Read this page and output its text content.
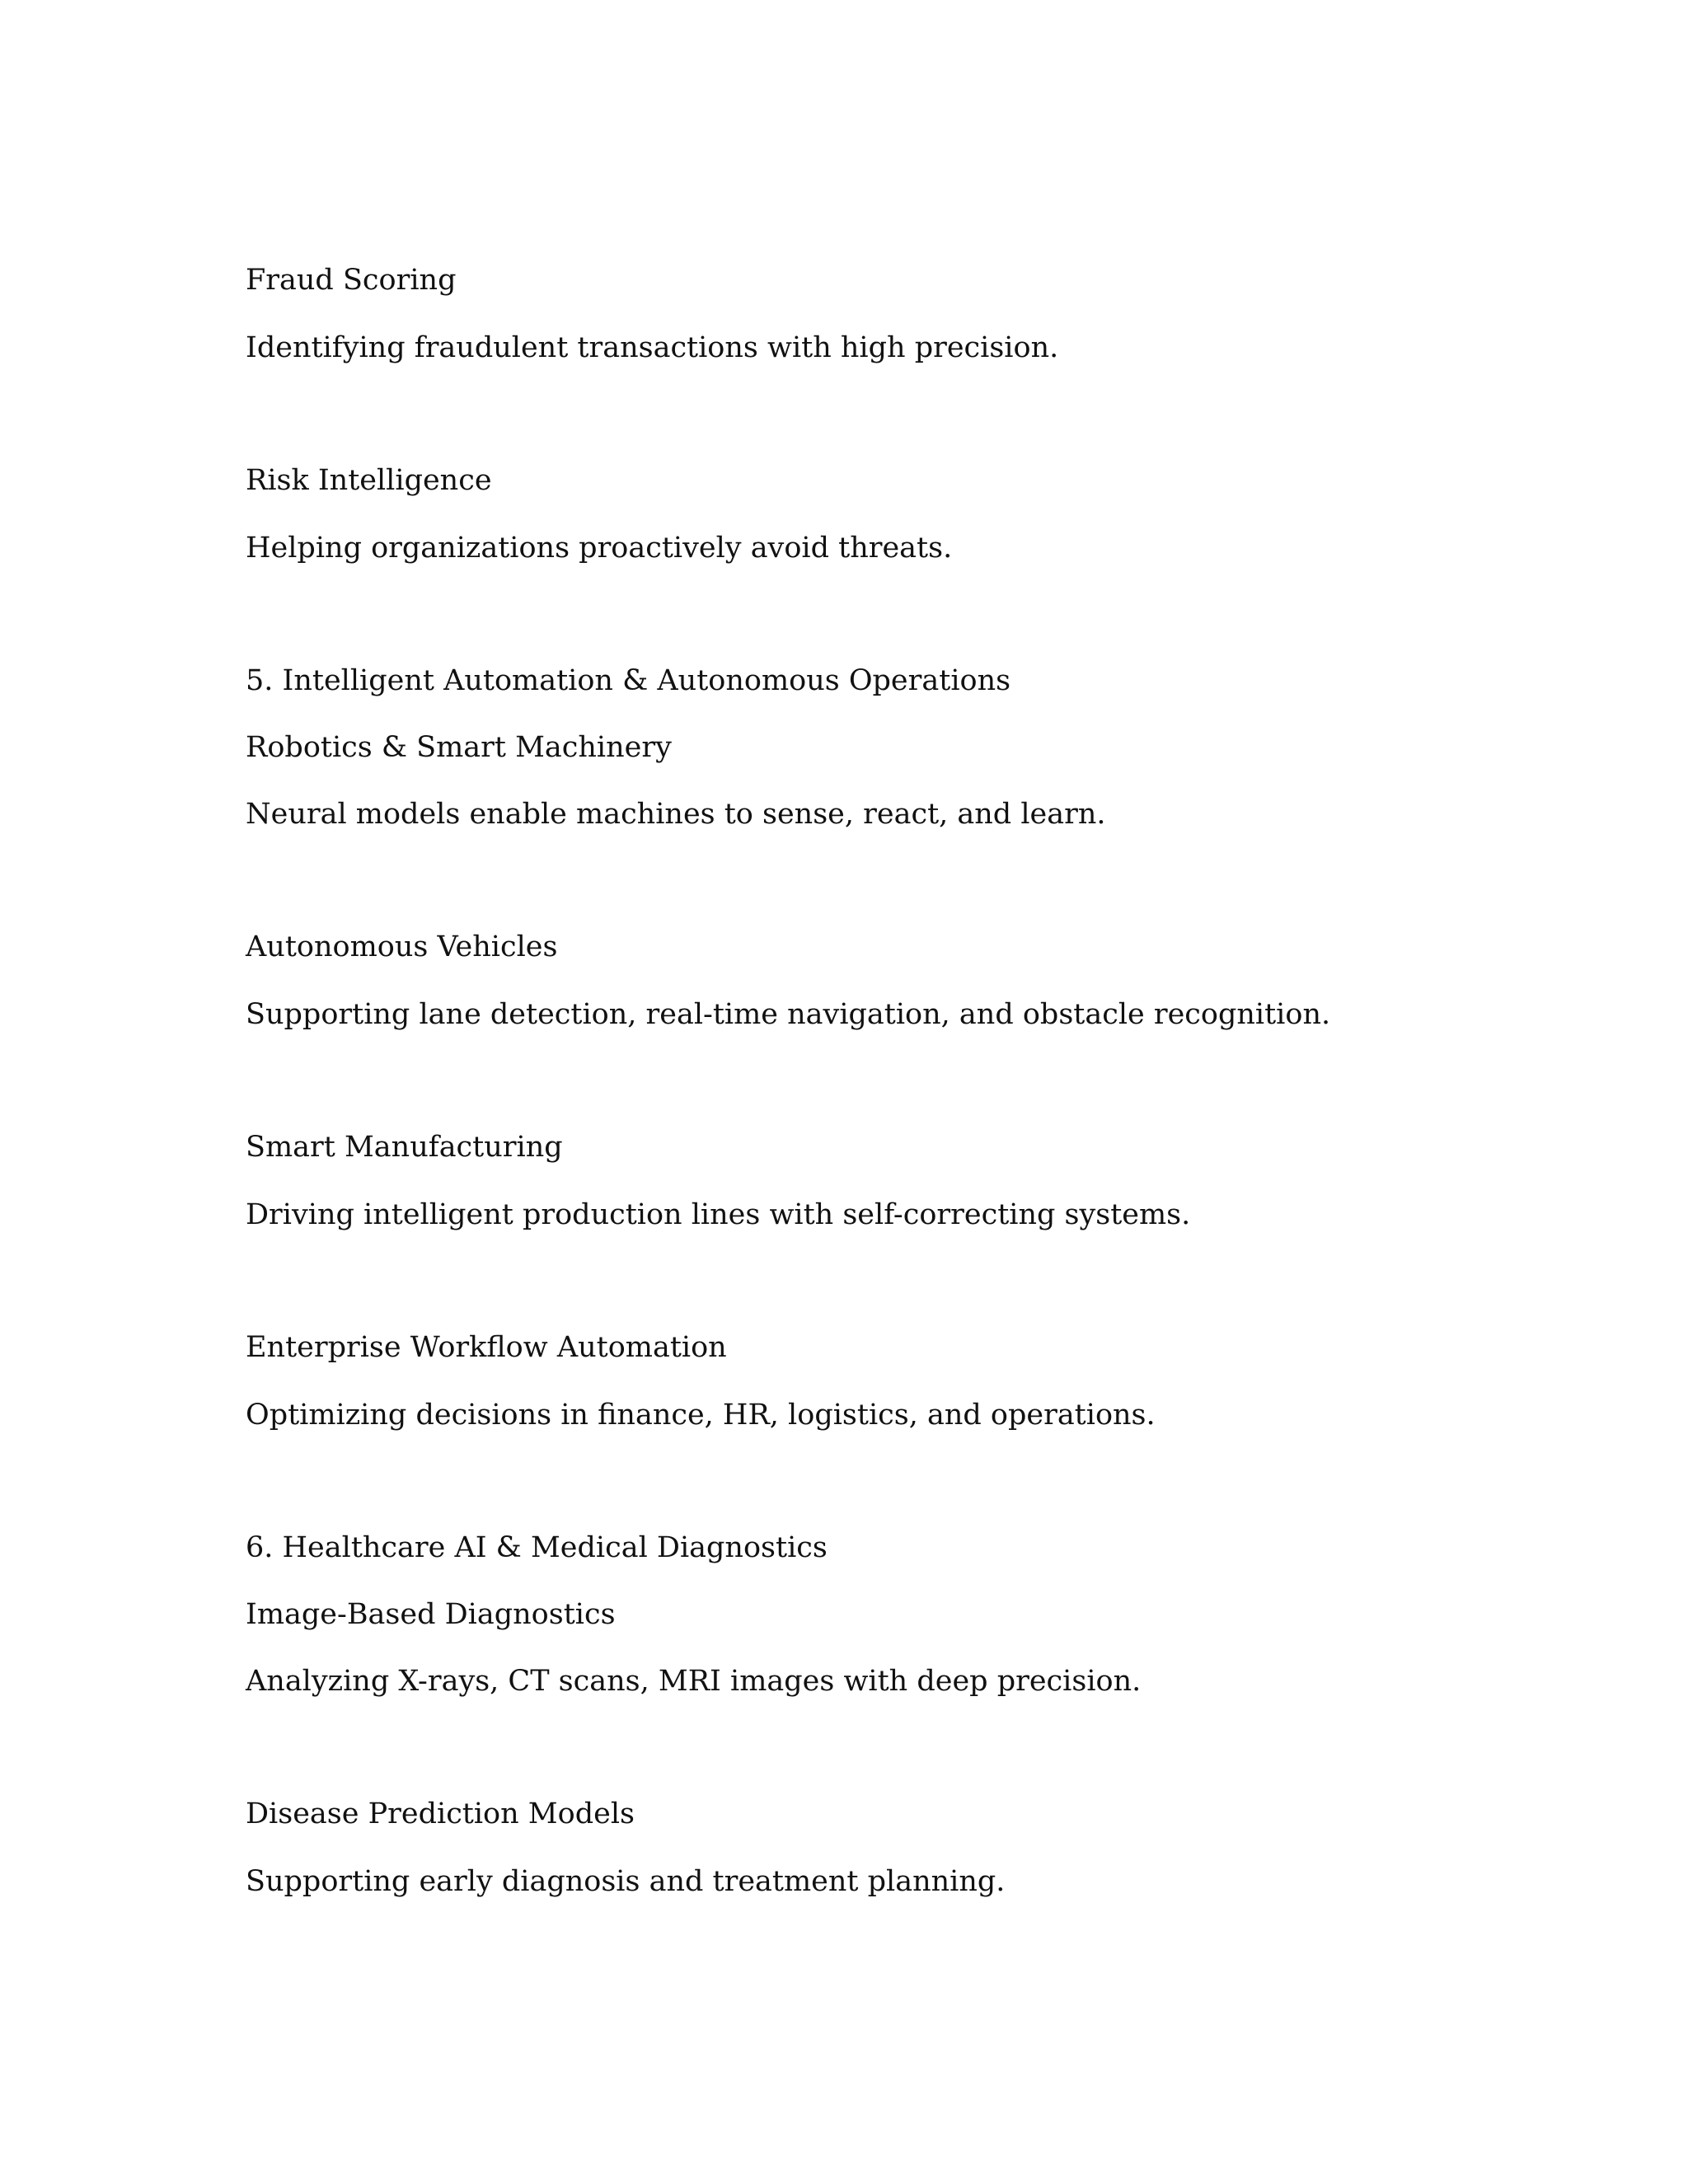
Fraud Scoring

Identifying fraudulent transactions with high precision.

Risk Intelligence

Helping organizations proactively avoid threats.

5. Intelligent Automation & Autonomous Operations

Robotics & Smart Machinery

Neural models enable machines to sense, react, and learn.

Autonomous Vehicles

Supporting lane detection, real-time navigation, and obstacle recognition.

Smart Manufacturing

Driving intelligent production lines with self-correcting systems.

Enterprise Workflow Automation

Optimizing decisions in finance, HR, logistics, and operations.

6. Healthcare AI & Medical Diagnostics

Image-Based Diagnostics

Analyzing X-rays, CT scans, MRI images with deep precision.

Disease Prediction Models

Supporting early diagnosis and treatment planning.
